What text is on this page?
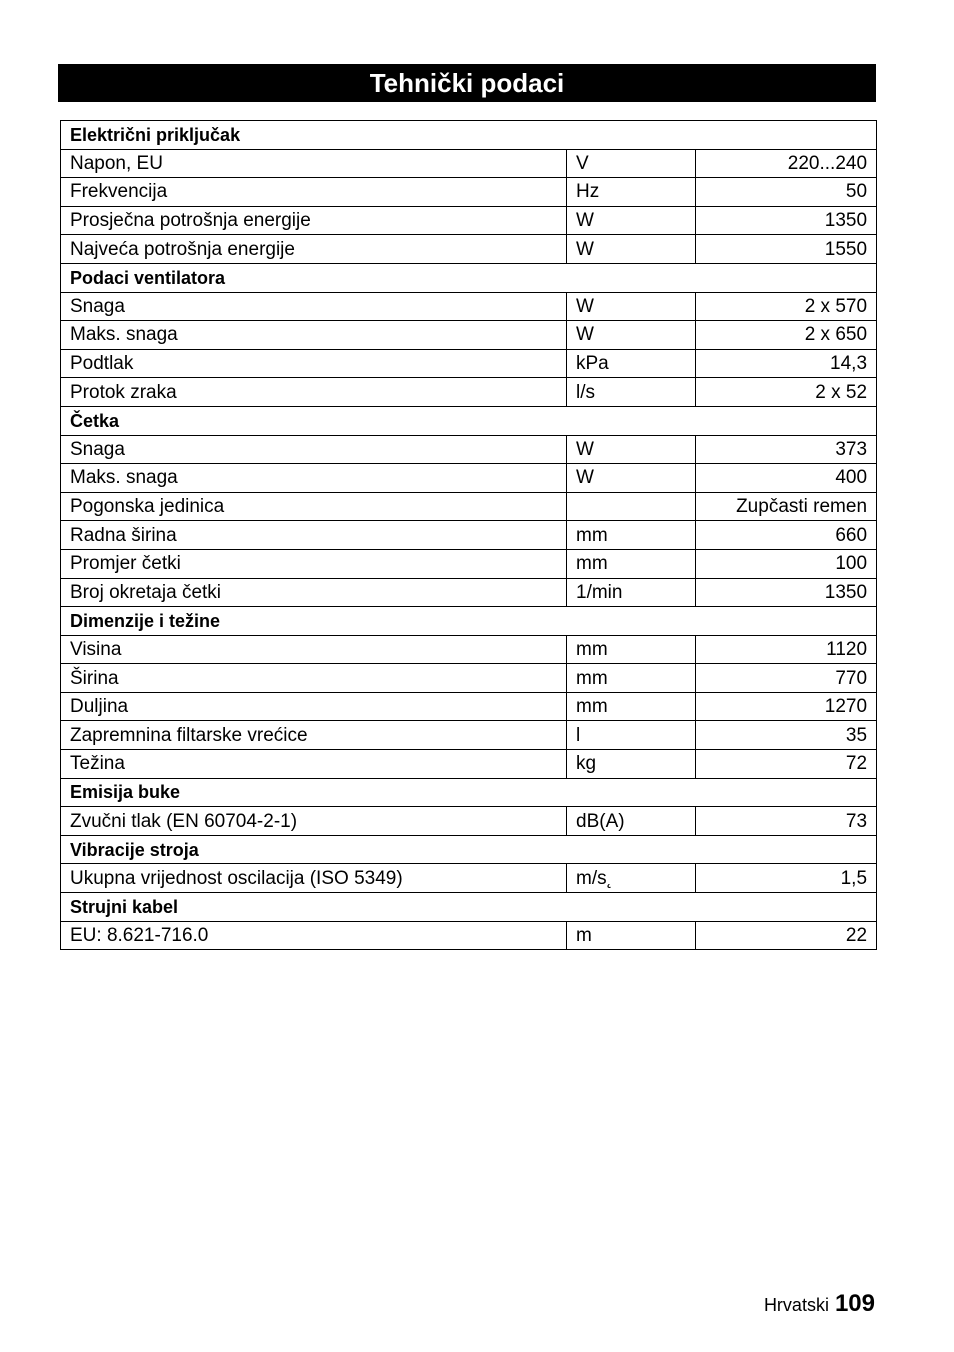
Tehnički podaci
Električni priključak		
Napon, EU	V	220...240
Frekvencija	Hz	50
Prosječna potrošnja energije	W	1350
Najveća potrošnja energije	W	1550
Podaci ventilatora		
Snaga	W	2 x 570
Maks. snaga	W	2 x 650
Podtlak	kPa	14,3
Protok zraka	l/s	2 x 52
Četka		
Snaga	W	373
Maks. snaga	W	400
Pogonska jedinica		Zupčasti remen
Radna širina	mm	660
Promjer četki	mm	100
Broj okretaja četki	1/min	1350
Dimenzije i težine		
Visina	mm	1120
Širina	mm	770
Duljina	mm	1270
Zapremnina filtarske vrećice	l	35
Težina	kg	72
Emisija buke		
Zvučni tlak (EN 60704-2-1)	dB(A)	73
Vibracije stroja		
Ukupna vrijednost oscilacija (ISO 5349)	m/s˛	1,5
Strujni kabel		
EU: 8.621-716.0	m	22
Hrvatski 109
